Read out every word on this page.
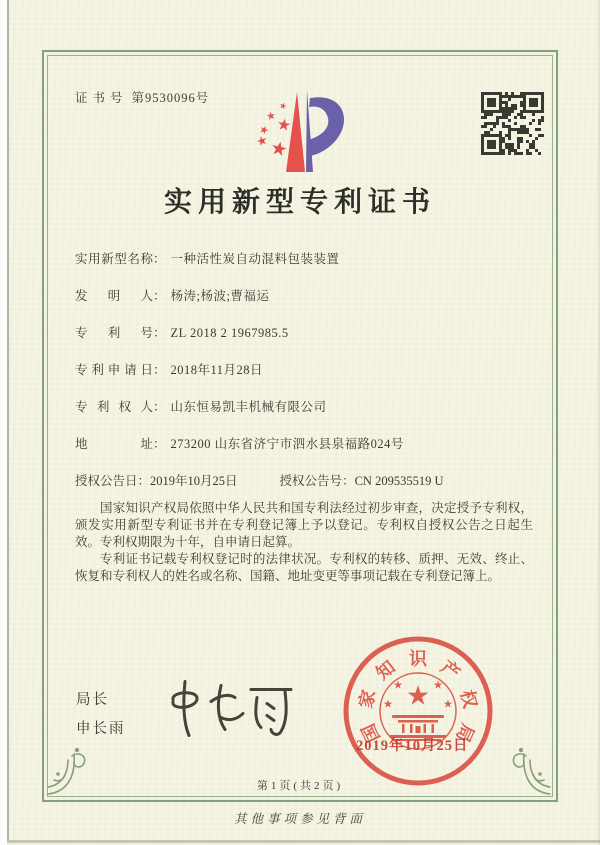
证书号 第9530096号
实用新型专利证书
实用新型名称： 一种活性炭自动混料包装装置
发明人： 杨涛;杨波;曹福运
专利号： ZL 2018 2 1967985.5
专利申请日： 2018年11月28日
专利权人： 山东恒易凯丰机械有限公司
地址： 273200 山东省济宁市泗水县泉福路024号
授权公告日：2019年10月25日	授权公告号：CN 209535519 U

国家知识产权局依照中华人民共和国专利法经过初步审查，决定授予专利权，颁发实用新型专利证书并在专利登记簿上予以登记。专利权自授权公告之日起生效。专利权期限为十年，自申请日起算。

专利证书记载专利权登记时的法律状况。专利权的转移、质押、无效、终止、恢复和专利权人的姓名或名称、国籍、地址变更等事项记载在专利登记簿上。

局长
申长雨	国
家
知 识 产
权
局
2019年10月25日
第1页(共2页)
其他事项参见背面
